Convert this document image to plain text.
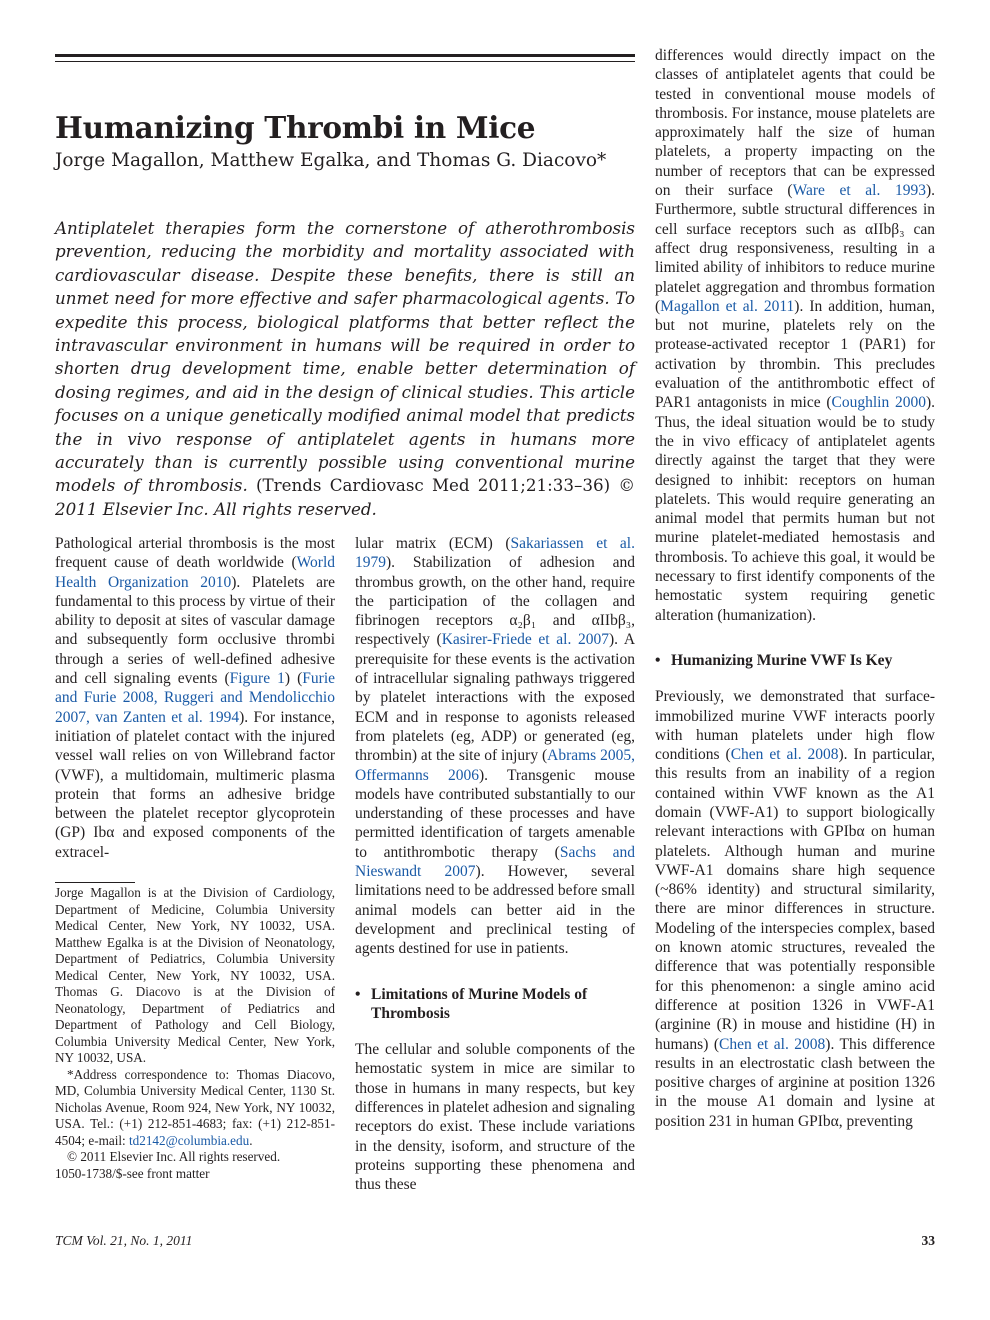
Humanizing Thrombi in Mice

Jorge Magallon, Matthew Egalka, and Thomas G. Diacovo*

Antiplatelet therapies form the cornerstone of atherothrombosis prevention, reducing the morbidity and mortality associated with cardiovascular disease. Despite these benefits, there is still an unmet need for more effective and safer pharmacological agents. To expedite this process, biological platforms that better reflect the intravascular environment in humans will be required in order to shorten drug development time, enable better determination of dosing regimes, and aid in the design of clinical studies. This article focuses on a unique genetically modified animal model that predicts the in vivo response of antiplatelet agents in humans more accurately than is currently possible using conventional murine models of thrombosis. (Trends Cardiovasc Med 2011;21:33–36) © 2011 Elsevier Inc. All rights reserved.

Pathological arterial thrombosis is the most frequent cause of death worldwide (World Health Organization 2010). Platelets are fundamental to this process by virtue of their ability to deposit at sites of vascular damage and subsequently form occlusive thrombi through a series of well-defined adhesive and cell signaling events (Figure 1) (Furie and Furie 2008, Ruggeri and Mendolicchio 2007, van Zanten et al. 1994). For instance, initiation of platelet contact with the injured vessel wall relies on von Willebrand factor (VWF), a multidomain, multimeric plasma protein that forms an adhesive bridge between the platelet receptor glycoprotein (GP) Ibα and exposed components of the extracel-

Jorge Magallon is at the Division of Cardiology, Department of Medicine, Columbia University Medical Center, New York, NY 10032, USA. Matthew Egalka is at the Division of Neonatology, Department of Pediatrics, Columbia University Medical Center, New York, NY 10032, USA. Thomas G. Diacovo is at the Division of Neonatology, Department of Pediatrics and Department of Pathology and Cell Biology, Columbia University Medical Center, New York, NY 10032, USA.

*Address correspondence to: Thomas Diacovo, MD, Columbia University Medical Center, 1130 St. Nicholas Avenue, Room 924, New York, NY 10032, USA. Tel.: (+1) 212-851-4683; fax: (+1) 212-851-4504; e-mail: td2142@columbia.edu.

© 2011 Elsevier Inc. All rights reserved.

1050-1738/$-see front matter

lular matrix (ECM) (Sakariassen et al. 1979). Stabilization of adhesion and thrombus growth, on the other hand, require the participation of the collagen and fibrinogen receptors α₂β₁ and αIIbβ₃, respectively (Kasirer-Friede et al. 2007). A prerequisite for these events is the activation of intracellular signaling pathways triggered by platelet interactions with the exposed ECM and in response to agonists released from platelets (eg, ADP) or generated (eg, thrombin) at the site of injury (Abrams 2005, Offermanns 2006). Transgenic mouse models have contributed substantially to our understanding of these processes and have permitted identification of targets amenable to antithrombotic therapy (Sachs and Nieswandt 2007). However, several limitations need to be addressed before small animal models can better aid in the development and preclinical testing of agents destined for use in patients.

• Limitations of Murine Models of Thrombosis

The cellular and soluble components of the hemostatic system in mice are similar to those in humans in many respects, but key differences in platelet adhesion and signaling receptors do exist. These include variations in the density, isoform, and structure of the proteins supporting these phenomena and thus these

differences would directly impact on the classes of antiplatelet agents that could be tested in conventional mouse models of thrombosis. For instance, mouse platelets are approximately half the size of human platelets, a property impacting on the number of receptors that can be expressed on their surface (Ware et al. 1993). Furthermore, subtle structural differences in cell surface receptors such as αIIbβ₃ can affect drug responsiveness, resulting in a limited ability of inhibitors to reduce murine platelet aggregation and thrombus formation (Magallon et al. 2011). In addition, human, but not murine, platelets rely on the protease-activated receptor 1 (PAR1) for activation by thrombin. This precludes evaluation of the antithrombotic effect of PAR1 antagonists in mice (Coughlin 2000). Thus, the ideal situation would be to study the in vivo efficacy of antiplatelet agents directly against the target that they were designed to inhibit: receptors on human platelets. This would require generating an animal model that permits human but not murine platelet-mediated hemostasis and thrombosis. To achieve this goal, it would be necessary to first identify components of the hemostatic system requiring genetic alteration (humanization).

• Humanizing Murine VWF Is Key

Previously, we demonstrated that surface-immobilized murine VWF interacts poorly with human platelets under high flow conditions (Chen et al. 2008). In particular, this results from an inability of a region contained within VWF known as the A1 domain (VWF-A1) to support biologically relevant interactions with GPIbα on human platelets. Although human and murine VWF-A1 domains share high sequence (~86% identity) and structural similarity, there are minor differences in structure. Modeling of the interspecies complex, based on known atomic structures, revealed the difference that was potentially responsible for this phenomenon: a single amino acid difference at position 1326 in VWF-A1 (arginine (R) in mouse and histidine (H) in humans) (Chen et al. 2008). This difference results in an electrostatic clash between the positive charges of arginine at position 1326 in the mouse A1 domain and lysine at position 231 in human GPIbα, preventing

TCM Vol. 21, No. 1, 2011	33
